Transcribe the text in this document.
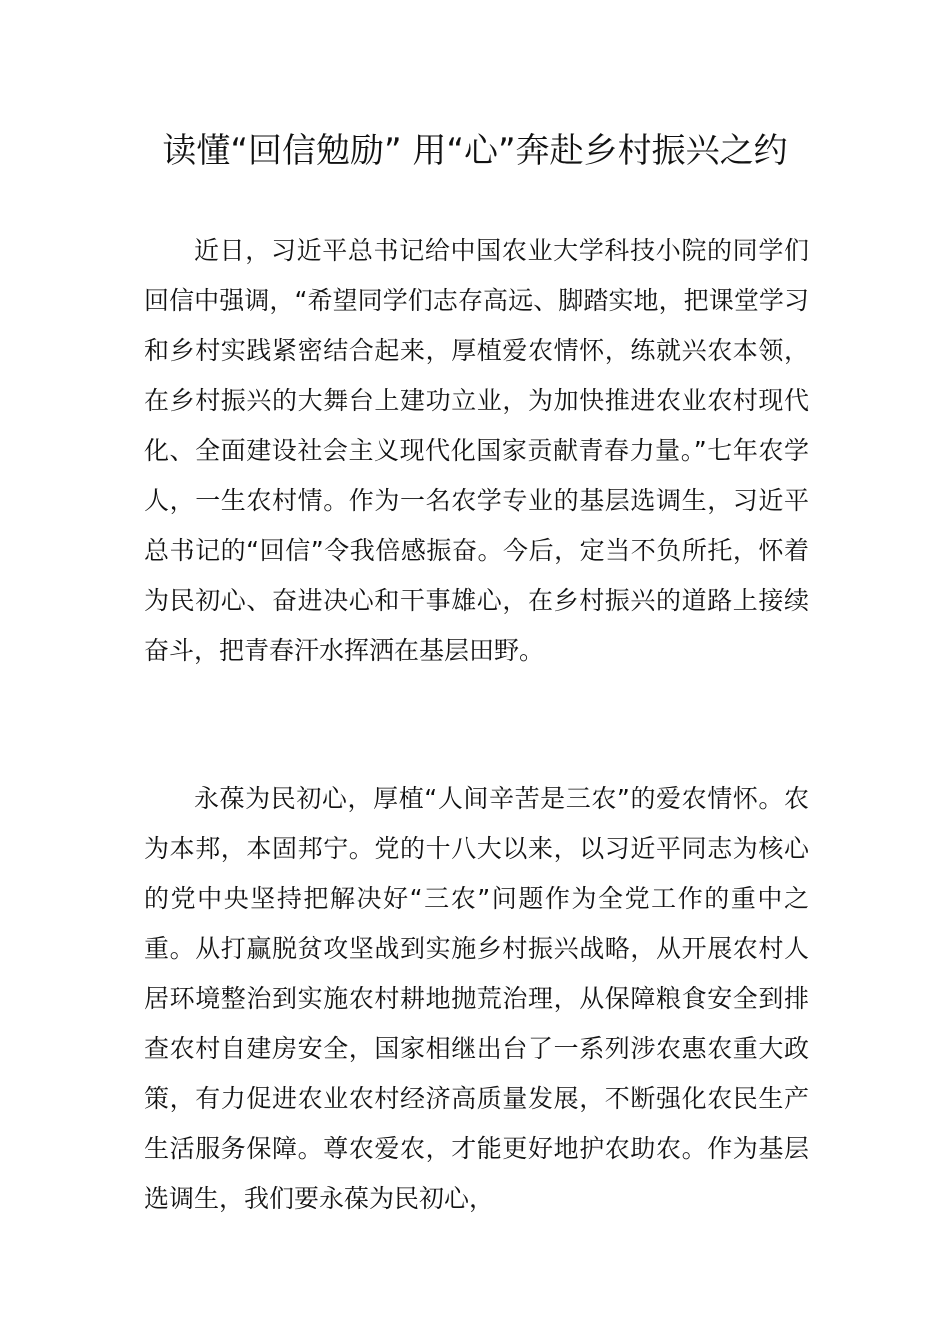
读懂“回信勉励” 用“心”奔赴乡村振兴之约

近日，习近平总书记给中国农业大学科技小院的同学们回信中强调，“希望同学们志存高远、脚踏实地，把课堂学习和乡村实践紧密结合起来，厚植爱农情怀，练就兴农本领，在乡村振兴的大舞台上建功立业，为加快推进农业农村现代化、全面建设社会主义现代化国家贡献青春力量。”七年农学人，一生农村情。作为一名农学专业的基层选调生，习近平总书记的“回信”令我倍感振奋。今后，定当不负所托，怀着为民初心、奋进决心和干事雄心，在乡村振兴的道路上接续奋斗，把青春汗水挥洒在基层田野。

永葆为民初心，厚植“人间辛苦是三农”的爱农情怀。农为本邦，本固邦宁。党的十八大以来，以习近平同志为核心的党中央坚持把解决好“三农”问题作为全党工作的重中之重。从打赢脱贫攻坚战到实施乡村振兴战略，从开展农村人居环境整治到实施农村耕地抛荒治理，从保障粮食安全到排查农村自建房安全，国家相继出台了一系列涉农惠农重大政策，有力促进农业农村经济高质量发展，不断强化农民生产生活服务保障。尊农爱农，才能更好地护农助农。作为基层选调生，我们要永葆为民初心，
